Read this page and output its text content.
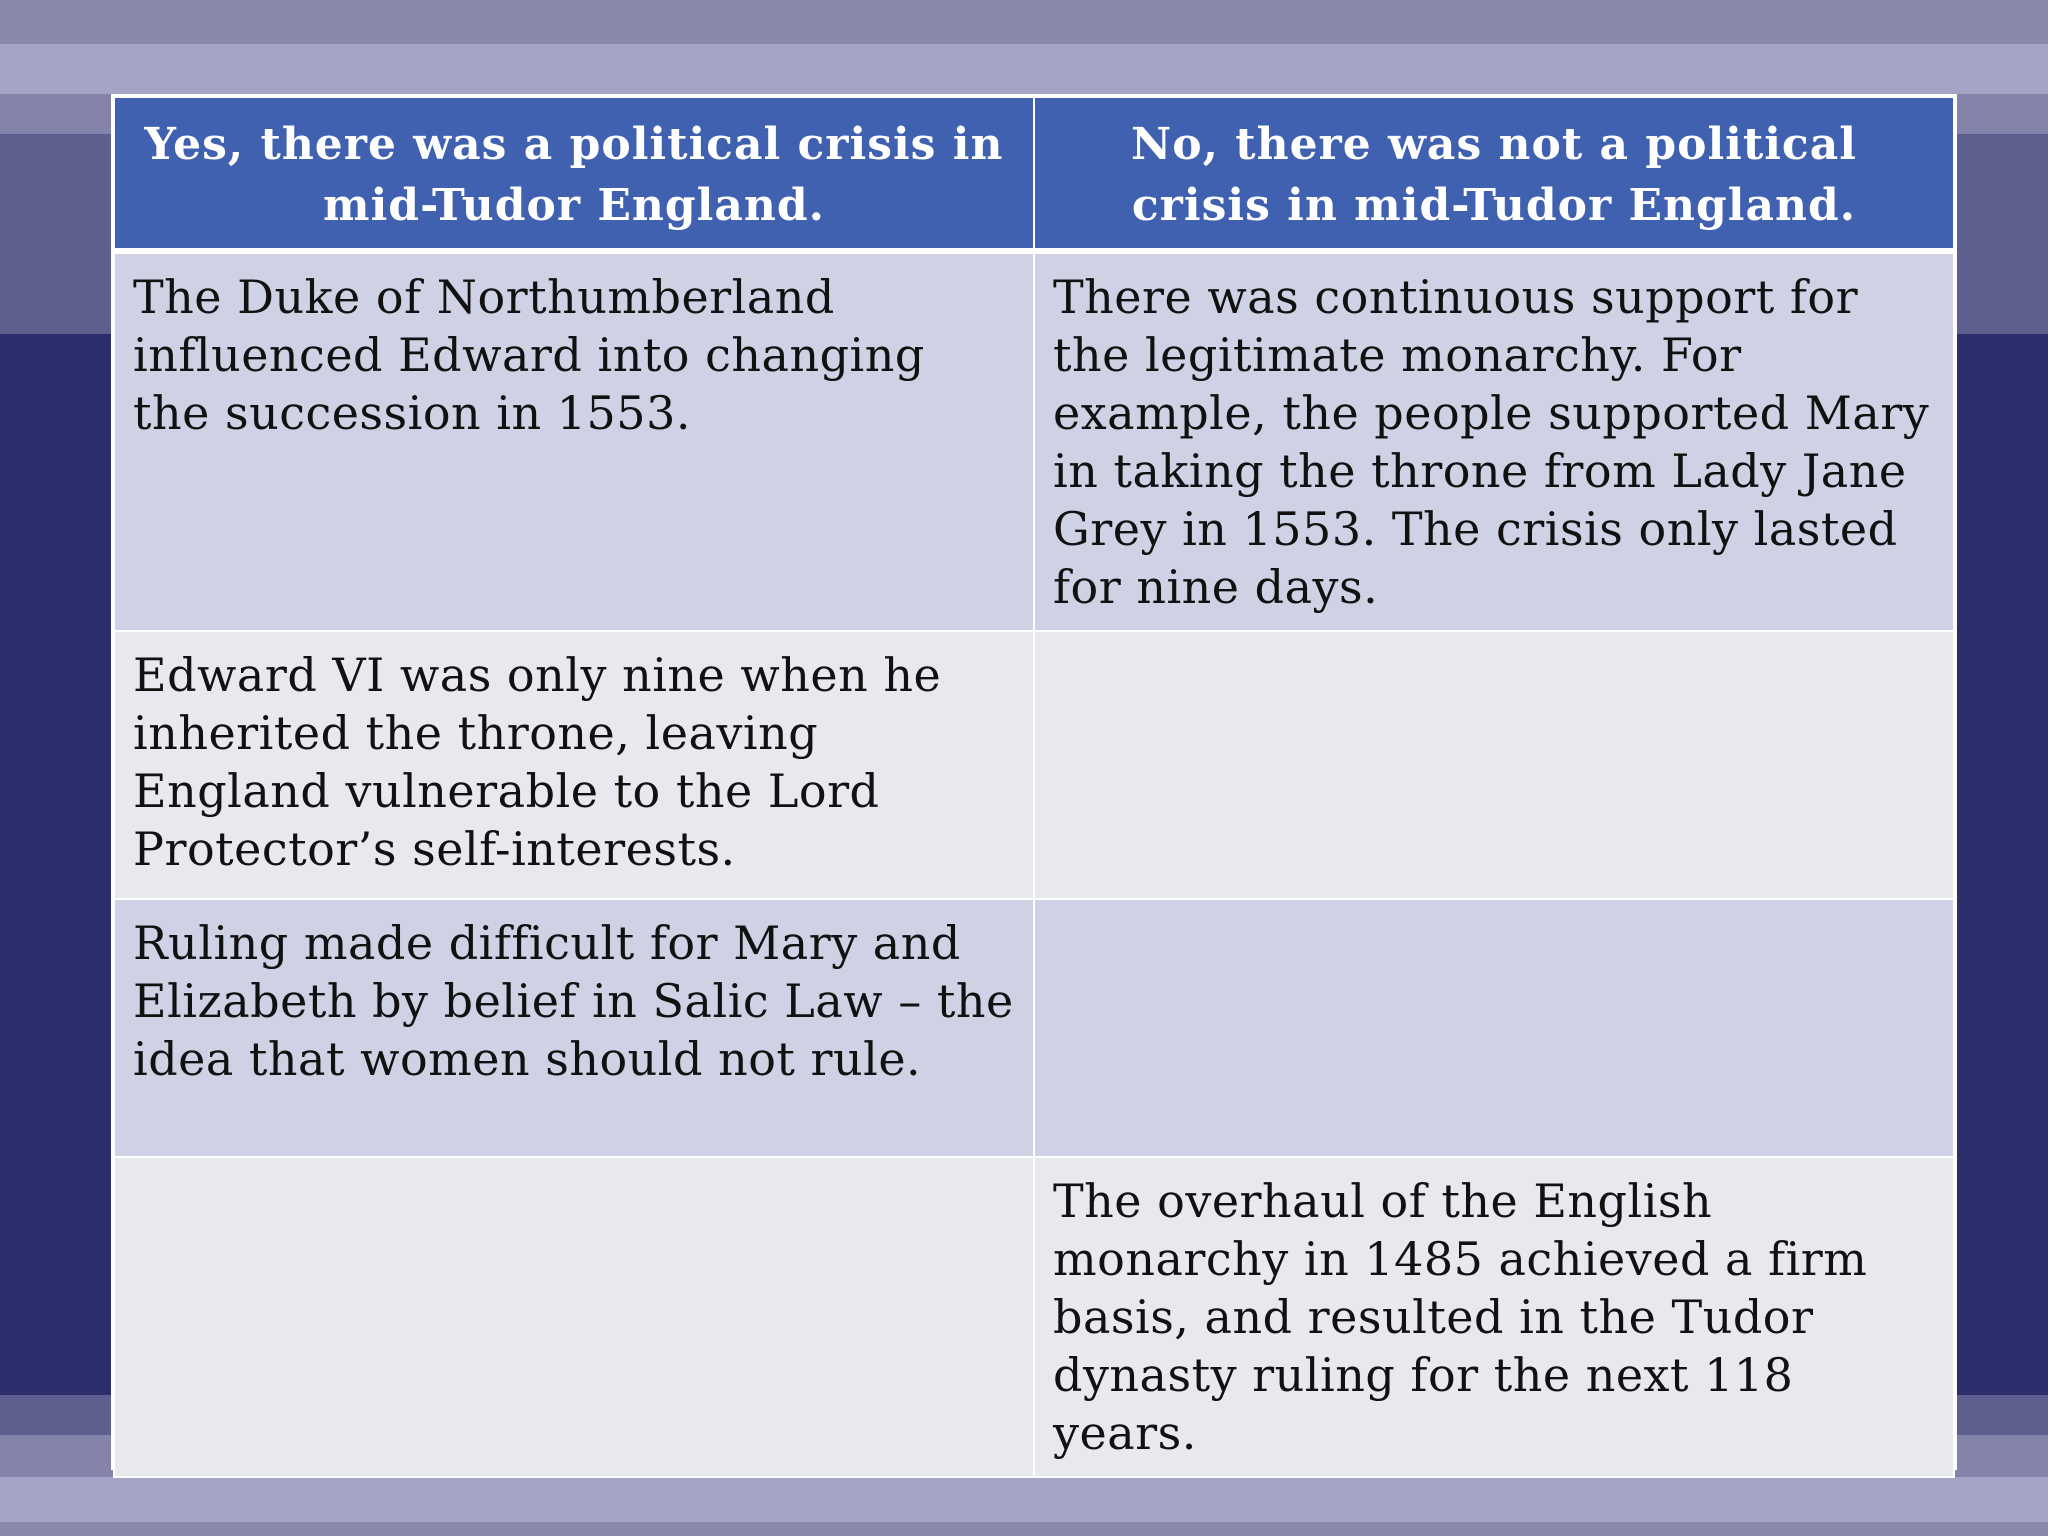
Yes, there was a political crisis in mid-Tudor England.	No, there was not a political crisis in mid-Tudor England.
The Duke of Northumberland influenced Edward into changing the succession in 1553.	There was continuous support for the legitimate monarchy. For example, the people supported Mary in taking the throne from Lady Jane Grey in 1553. The crisis only lasted for nine days.
Edward VI was only nine when he inherited the throne, leaving England vulnerable to the Lord Protector’s self-interests.	
Ruling made difficult for Mary and Elizabeth by belief in Salic Law – the idea that women should not rule.	
	The overhaul of the English monarchy in 1485 achieved a firm basis, and resulted in the Tudor dynasty ruling for the next 118 years.
